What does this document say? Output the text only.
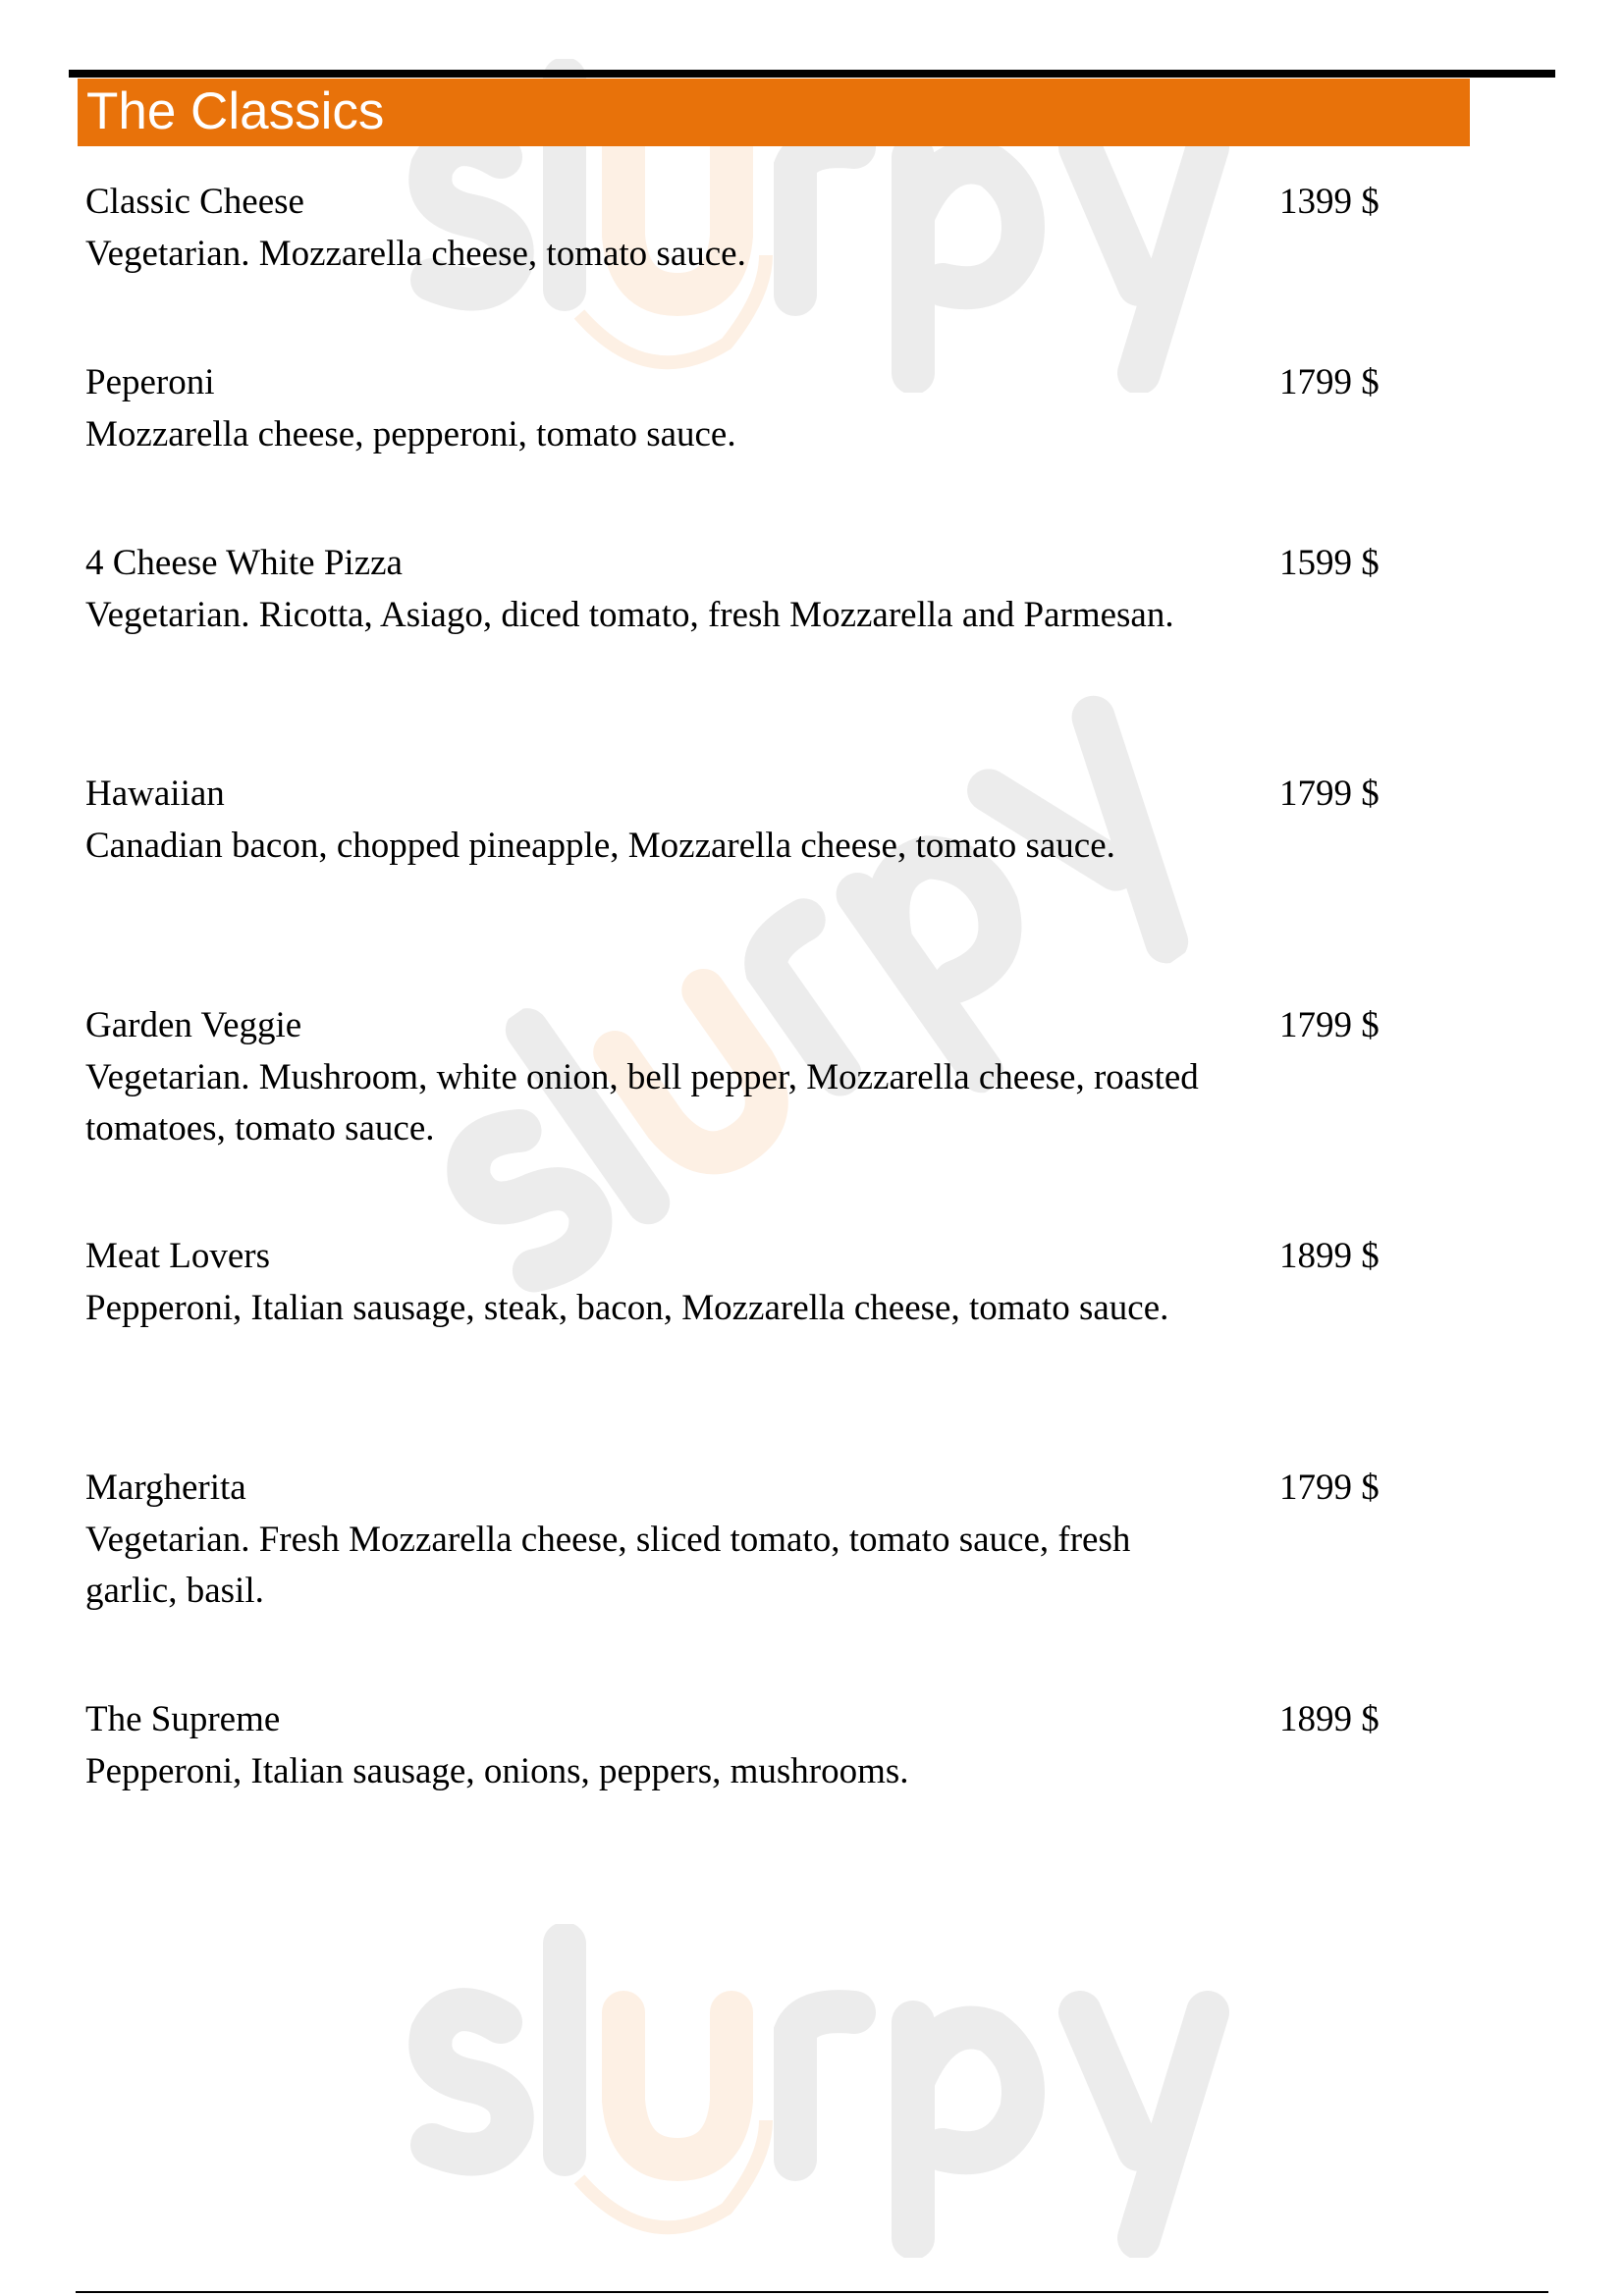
The Classics
Classic Cheese
Vegetarian. Mozzarella cheese, tomato sauce.
1399 $
Peperoni
Mozzarella cheese, pepperoni, tomato sauce.
1799 $
4 Cheese White Pizza
Vegetarian. Ricotta, Asiago, diced tomato, fresh Mozzarella and Parmesan.
1599 $
Hawaiian
Canadian bacon, chopped pineapple, Mozzarella cheese, tomato sauce.
1799 $
Garden Veggie
Vegetarian. Mushroom, white onion, bell pepper, Mozzarella cheese, roasted tomatoes, tomato sauce.
1799 $
Meat Lovers
Pepperoni, Italian sausage, steak, bacon, Mozzarella cheese, tomato sauce.
1899 $
Margherita
Vegetarian. Fresh Mozzarella cheese, sliced tomato, tomato sauce, fresh garlic, basil.
1799 $
The Supreme
Pepperoni, Italian sausage, onions, peppers, mushrooms.
1899 $
